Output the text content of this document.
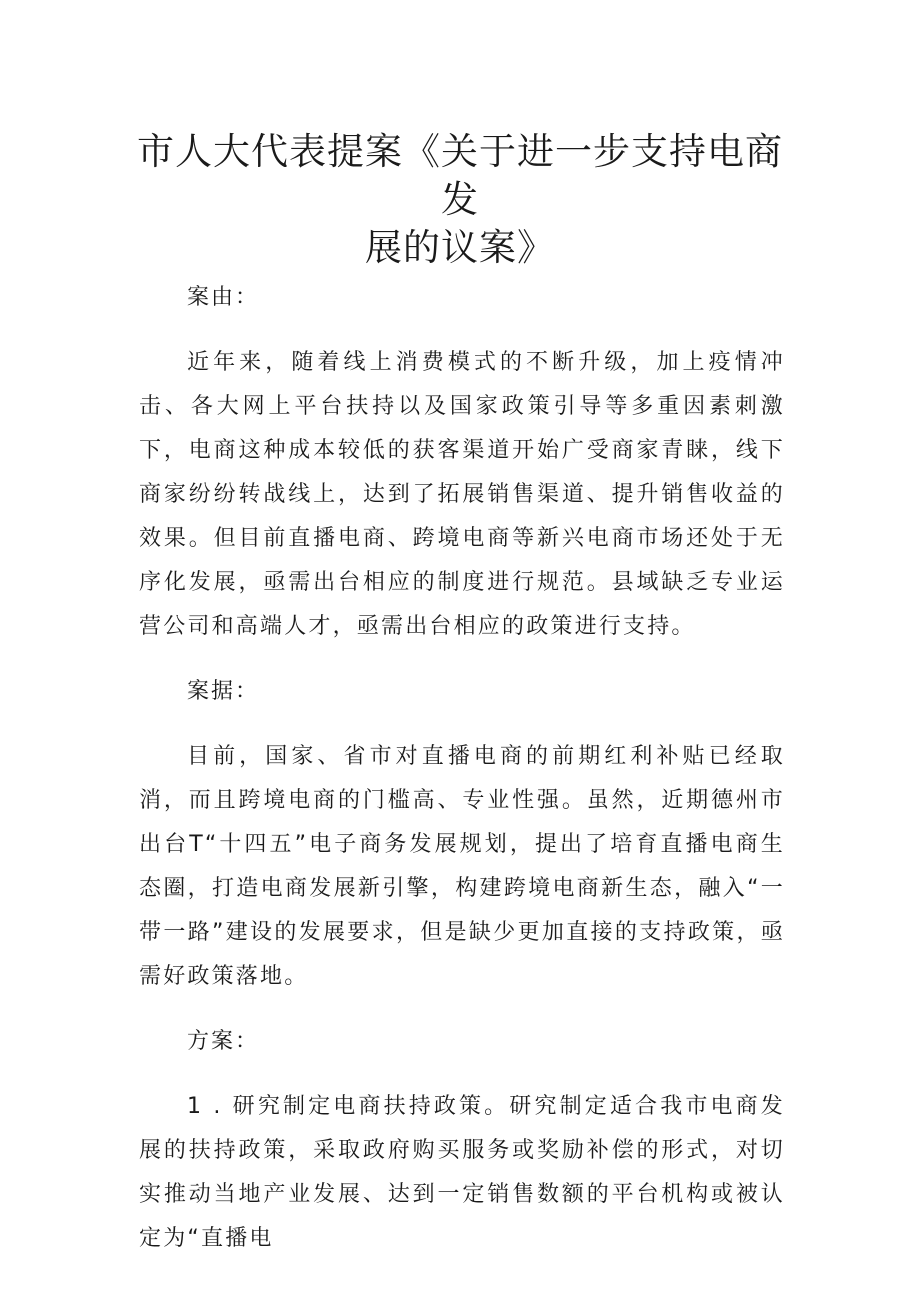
市人大代表提案《关于进一步支持电商发
展的议案》

案由：

近年来，随着线上消费模式的不断升级，加上疫情冲击、各大网上平台扶持以及国家政策引导等多重因素刺激下，电商这种成本较低的获客渠道开始广受商家青睐，线下商家纷纷转战线上，达到了拓展销售渠道、提升销售收益的效果。但目前直播电商、跨境电商等新兴电商市场还处于无序化发展，亟需出台相应的制度进行规范。县域缺乏专业运营公司和高端人才，亟需出台相应的政策进行支持。

案据：

目前，国家、省市对直播电商的前期红利补贴已经取消，而且跨境电商的门槛高、专业性强。虽然，近期德州市出台T“十四五”电子商务发展规划，提出了培育直播电商生态圈，打造电商发展新引擎，构建跨境电商新生态，融入“一带一路”建设的发展要求，但是缺少更加直接的支持政策，亟需好政策落地。

方案：

1 . 研究制定电商扶持政策。研究制定适合我市电商发展的扶持政策，采取政府购买服务或奖励补偿的形式，对切实推动当地产业发展、达到一定销售数额的平台机构或被认定为“直播电
